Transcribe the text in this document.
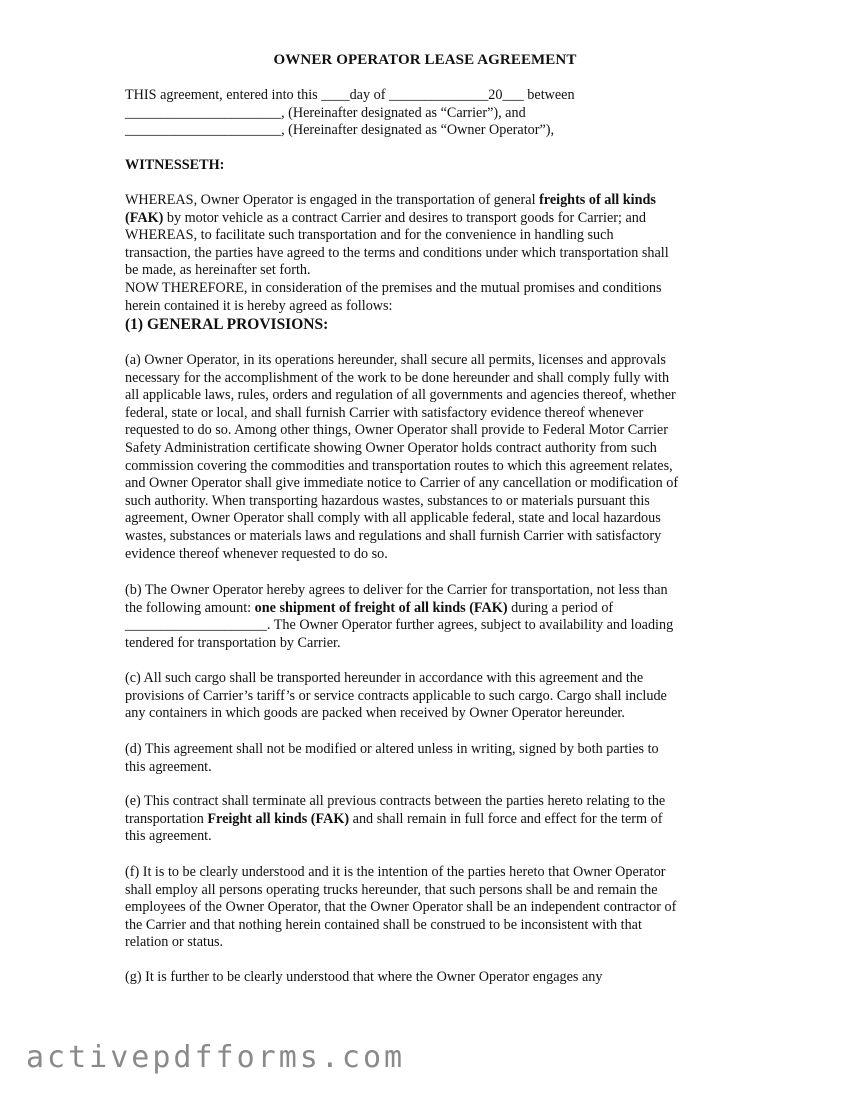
OWNER OPERATOR LEASE AGREEMENT
THIS agreement, entered into this ____day of ______________20___ between
______________________, (Hereinafter designated as “Carrier”), and
______________________, (Hereinafter designated as “Owner Operator”),
WITNESSETH:
WHEREAS, Owner Operator is engaged in the transportation of general freights of all kinds
(FAK) by motor vehicle as a contract Carrier and desires to transport goods for Carrier; and
WHEREAS, to facilitate such transportation and for the convenience in handling such
transaction, the parties have agreed to the terms and conditions under which transportation shall
be made, as hereinafter set forth.
NOW THEREFORE, in consideration of the premises and the mutual promises and conditions
herein contained it is hereby agreed as follows:
(1) GENERAL PROVISIONS:
(a) Owner Operator, in its operations hereunder, shall secure all permits, licenses and approvals
necessary for the accomplishment of the work to be done hereunder and shall comply fully with
all applicable laws, rules, orders and regulation of all governments and agencies thereof, whether
federal, state or local, and shall furnish Carrier with satisfactory evidence thereof whenever
requested to do so. Among other things, Owner Operator shall provide to Federal Motor Carrier
Safety Administration certificate showing Owner Operator holds contract authority from such
commission covering the commodities and transportation routes to which this agreement relates,
and Owner Operator shall give immediate notice to Carrier of any cancellation or modification of
such authority. When transporting hazardous wastes, substances to or materials pursuant this
agreement, Owner Operator shall comply with all applicable federal, state and local hazardous
wastes, substances or materials laws and regulations and shall furnish Carrier with satisfactory
evidence thereof whenever requested to do so.
(b) The Owner Operator hereby agrees to deliver for the Carrier for transportation, not less than
the following amount: one shipment of freight of all kinds (FAK) during a period of
____________________. The Owner Operator further agrees, subject to availability and loading
tendered for transportation by Carrier.
(c) All such cargo shall be transported hereunder in accordance with this agreement and the
provisions of Carrier’s tariff’s or service contracts applicable to such cargo. Cargo shall include
any containers in which goods are packed when received by Owner Operator hereunder.
(d) This agreement shall not be modified or altered unless in writing, signed by both parties to
this agreement.
(e) This contract shall terminate all previous contracts between the parties hereto relating to the
transportation Freight all kinds (FAK) and shall remain in full force and effect for the term of
this agreement.
(f) It is to be clearly understood and it is the intention of the parties hereto that Owner Operator
shall employ all persons operating trucks hereunder, that such persons shall be and remain the
employees of the Owner Operator, that the Owner Operator shall be an independent contractor of
the Carrier and that nothing herein contained shall be construed to be inconsistent with that
relation or status.
(g) It is further to be clearly understood that where the Owner Operator engages any
activepdfforms.com
